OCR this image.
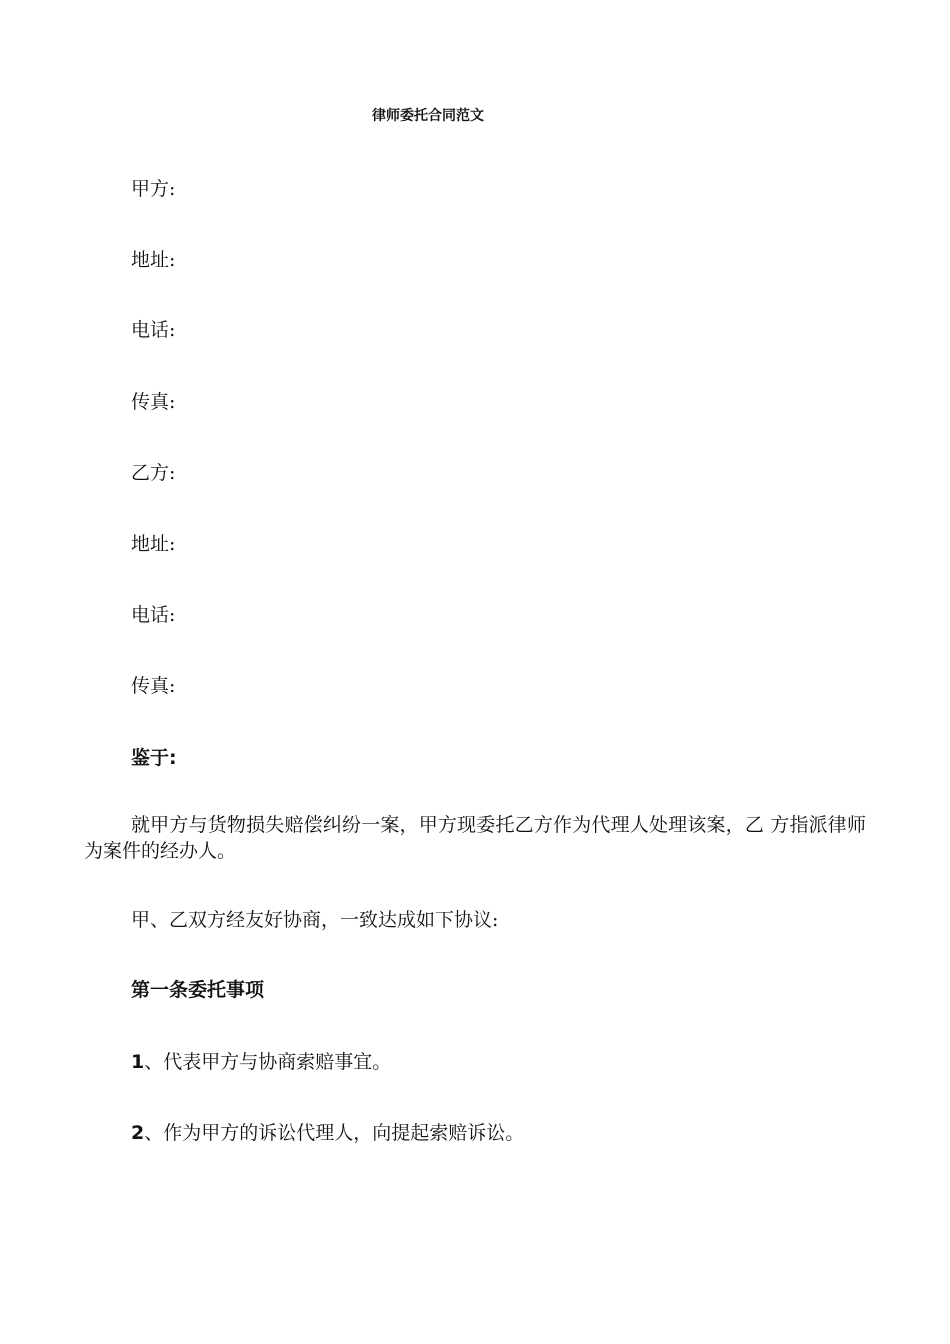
律师委托合同范文

甲方:

地址:

电话:

传真:

乙方:

地址:

电话:

传真:

鉴于:

就甲方与货物损失赔偿纠纷一案，甲方现委托乙方作为代理人处理该案，乙 方指派律师为案件的经办人。

甲、乙双方经友好协商，一致达成如下协议:

第一条委托事项

1、代表甲方与协商索赔事宜。

2、作为甲方的诉讼代理人，向提起索赔诉讼。
